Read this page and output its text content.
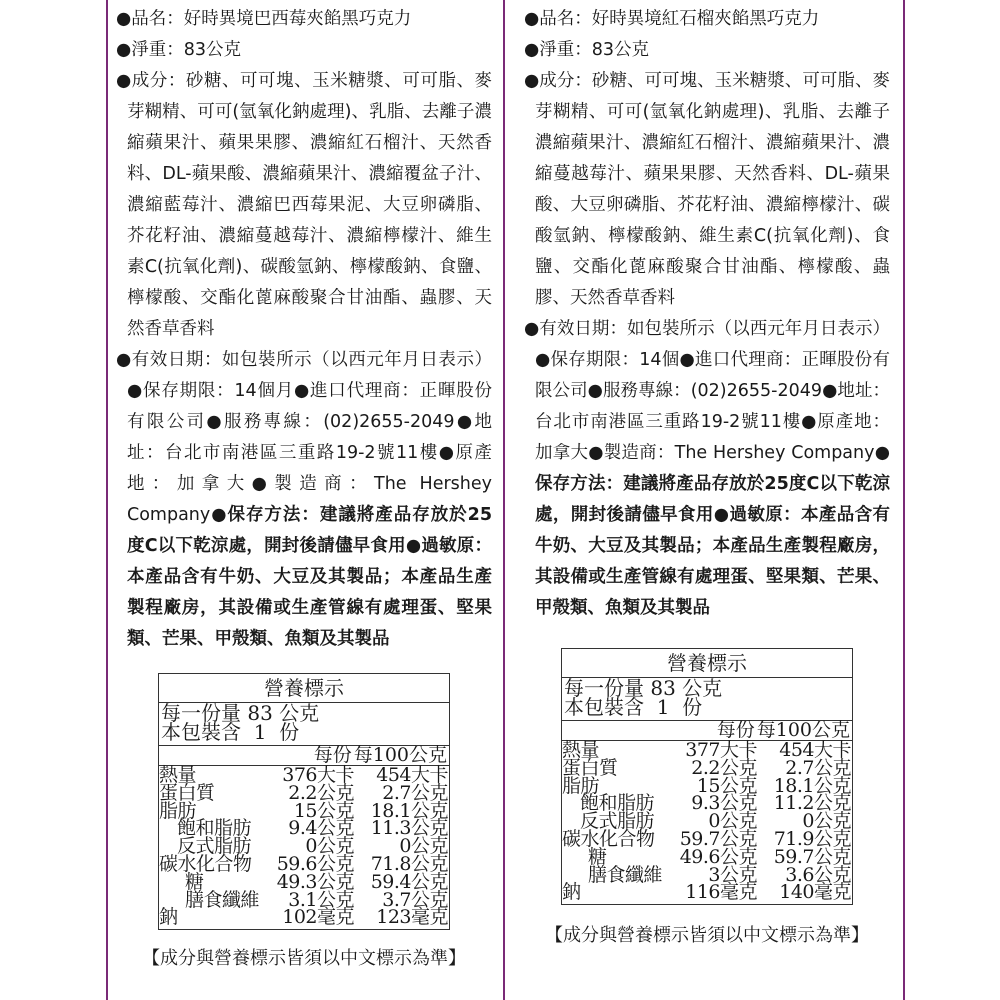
●品名：好時異境巴西莓夾餡黑巧克力

●淨重：83公克

●成分：砂糖、可可塊、玉米糖漿、可可脂、麥芽糊精、可可(氫氧化鈉處理)、乳脂、去離子濃縮蘋果汁、蘋果果膠、濃縮紅石榴汁、天然香料、DL-蘋果酸、濃縮蘋果汁、濃縮覆盆子汁、濃縮藍莓汁、濃縮巴西莓果泥、大豆卵磷脂、芥花籽油、濃縮蔓越莓汁、濃縮檸檬汁、維生素C(抗氧化劑)、碳酸氫鈉、檸檬酸鈉、食鹽、檸檬酸、交酯化蓖麻酸聚合甘油酯、蟲膠、天然香草香料

●有效日期：如包裝所示（以西元年月日表示）●保存期限：14個月●進口代理商：正暉股份有限公司●服務專線：(02)2655-2049●地址：台北市南港區三重路19-2號11樓●原產地：加拿大●製造商：The Hershey Company●保存方法：建議將產品存放於25度C以下乾涼處，開封後請儘早食用●過敏原：本產品含有牛奶、大豆及其製品；本產品生產製程廠房，其設備或生產管線有處理蛋、堅果類、芒果、甲殼類、魚類及其製品

營養標示
每一份量 83 公克
本包裝含  1  份
每份 每100公克
熱量	376大卡	454大卡
蛋白質	2.2公克	2.7公克
脂肪	15公克 18.1公克
飽和脂肪	9.4公克 11.3公克
反式脂肪	0公克	0公克
碳水化合物	59.6公克 71.8公克
糖	49.3公克 59.4公克
膳食纖維	3.1公克	3.7公克
鈉	102毫克	123毫克
【成分與營養標示皆須以中文標示為準】

●品名：好時異境紅石榴夾餡黑巧克力

●淨重：83公克

●成分：砂糖、可可塊、玉米糖漿、可可脂、麥芽糊精、可可(氫氧化鈉處理)、乳脂、去離子濃縮蘋果汁、濃縮紅石榴汁、濃縮蘋果汁、濃縮蔓越莓汁、蘋果果膠、天然香料、DL-蘋果酸、大豆卵磷脂、芥花籽油、濃縮檸檬汁、碳酸氫鈉、檸檬酸鈉、維生素C(抗氧化劑)、食鹽、交酯化蓖麻酸聚合甘油酯、檸檬酸、蟲膠、天然香草香料

●有效日期：如包裝所示（以西元年月日表示）●保存期限：14個●進口代理商：正暉股份有限公司●服務專線：(02)2655-2049●地址：台北市南港區三重路19-2號11樓●原產地：加拿大●製造商：The Hershey Company●保存方法：建議將產品存放於25度C以下乾涼處，開封後請儘早食用●過敏原：本產品含有牛奶、大豆及其製品；本產品生產製程廠房，其設備或生產管線有處理蛋、堅果類、芒果、甲殼類、魚類及其製品

營養標示
每一份量 83 公克
本包裝含  1  份
每份 每100公克
熱量	377大卡	454大卡
蛋白質	2.2公克	2.7公克
脂肪	15公克 18.1公克
飽和脂肪	9.3公克 11.2公克
反式脂肪	0公克	0公克
碳水化合物	59.7公克 71.9公克
糖	49.6公克 59.7公克
膳食纖維	3公克	3.6公克
鈉	116毫克	140毫克
【成分與營養標示皆須以中文標示為準】
